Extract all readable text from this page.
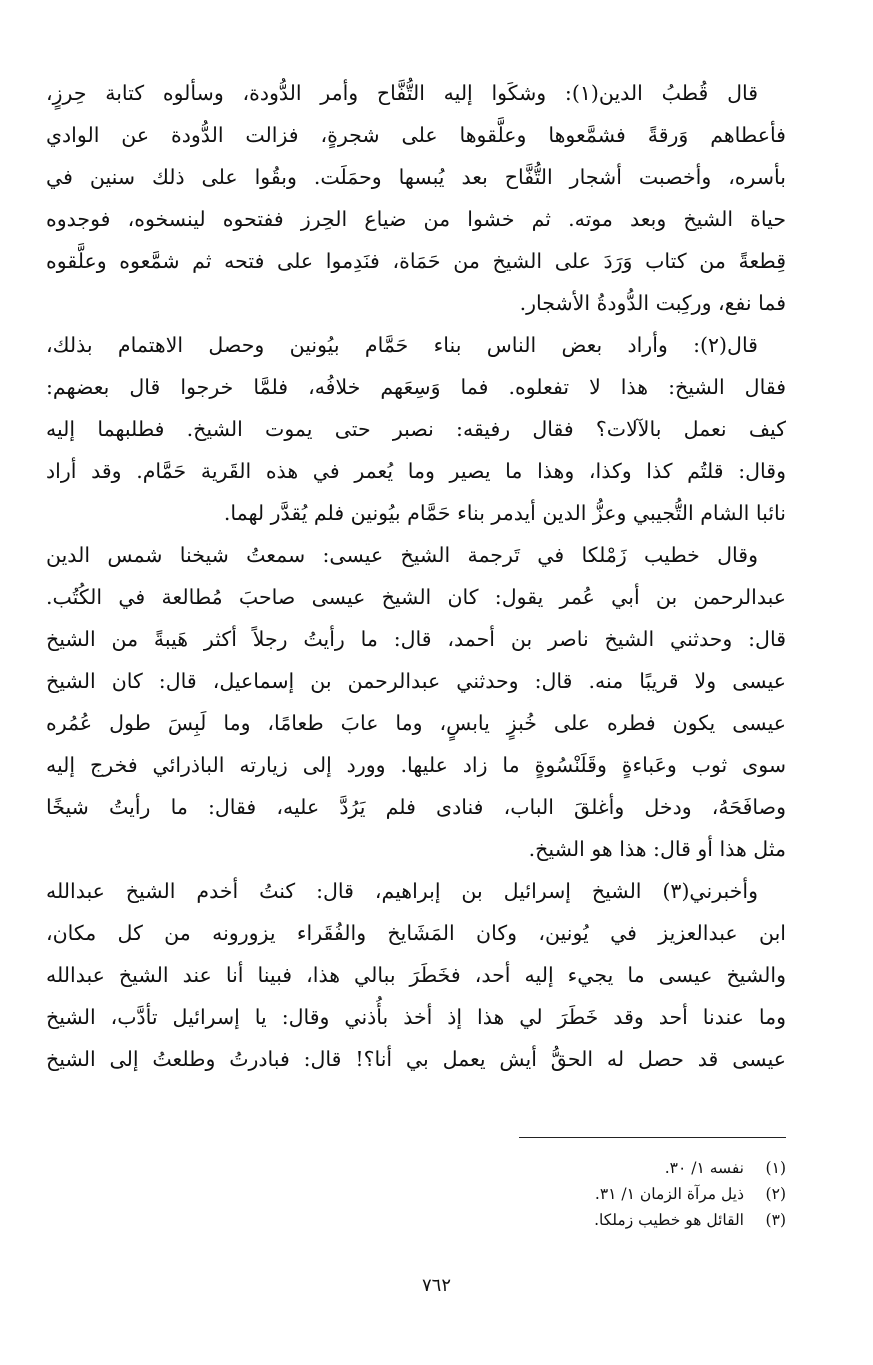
قال قُطبُ الدين(١): وشكَوا إليه التُّفَّاح وأمر الدُّودة، وسألوه كتابة حِرزٍ،
فأعطاهم وَرقةً فشمَّعوها وعلَّقوها على شجرةٍ، فزالت الدُّودة عن الوادي
بأسره، وأخصبت أشجار التُّفَّاح بعد يُبسها وحمَلَت. وبقُوا على ذلك سنين في
حياة الشيخ وبعد موته. ثم خشوا من ضياع الحِرز ففتحوه لينسخوه، فوجدوه
قِطعةً من كتاب وَرَدَ على الشيخ من حَمَاة، فنَدِموا على فتحه ثم شمَّعوه وعلَّقوه
فما نفع، وركِبت الدُّودةُ الأشجار.
قال(٢): وأراد بعض الناس بناء حَمَّام بيُونين وحصل الاهتمام بذلك،
فقال الشيخ: هذا لا تفعلوه. فما وَسِعَهم خلافُه، فلمَّا خرجوا قال بعضهم:
كيف نعمل بالآلات؟ فقال رفيقه: نصبر حتى يموت الشيخ. فطلبهما إليه
وقال: قلتُم كذا وكذا، وهذا ما يصير وما يُعمر في هذه القَرية حَمَّام. وقد أراد
نائبا الشام التُّجيبي وعزُّ الدين أيدمر بناء حَمَّام بيُونين فلم يُقدَّر لهما.
وقال خطيب زَمْلكا في تَرجمة الشيخ عيسى: سمعتُ شيخنا شمس الدين
عبدالرحمن بن أبي عُمر يقول: كان الشيخ عيسى صاحبَ مُطالعة في الكُتُب.
قال: وحدثني الشيخ ناصر بن أحمد، قال: ما رأيتُ رجلاً أكثر هَيبةً من الشيخ
عيسى ولا قريبًا منه. قال: وحدثني عبدالرحمن بن إسماعيل، قال: كان الشيخ
عيسى يكون فطره على خُبزٍ يابسٍ، وما عابَ طعامًا، وما لَبِسَ طول عُمُره
سوى ثوب وعَباءةٍ وقَلَنْسُوةٍ ما زاد عليها. وورد إلى زيارته الباذرائي فخرج إليه
وصافَحَهُ، ودخل وأغلقَ الباب، فنادى فلم يَرُدَّ عليه، فقال: ما رأيتُ شيخًا
مثل هذا أو قال: هذا هو الشيخ.
وأخبرني(٣) الشيخ إسرائيل بن إبراهيم، قال: كنتُ أخدم الشيخ عبدالله
ابن عبدالعزيز في يُونين، وكان المَشَايخ والفُقَراء يزورونه من كل مكان،
والشيخ عيسى ما يجيء إليه أحد، فخَطَرَ ببالي هذا، فبينا أنا عند الشيخ عبدالله
وما عندنا أحد وقد خَطَرَ لي هذا إذ أخذ بأُذني وقال: يا إسرائيل تأدَّب، الشيخ
عيسى قد حصل له الحقُّ أيش يعمل بي أنا؟! قال: فبادرتُ وطلعتُ إلى الشيخ
(١)نفسه ١/ ٣٠.
(٢)ذيل مرآة الزمان ١/ ٣١.
(٣)القائل هو خطيب زملكا.
٧٦٢
